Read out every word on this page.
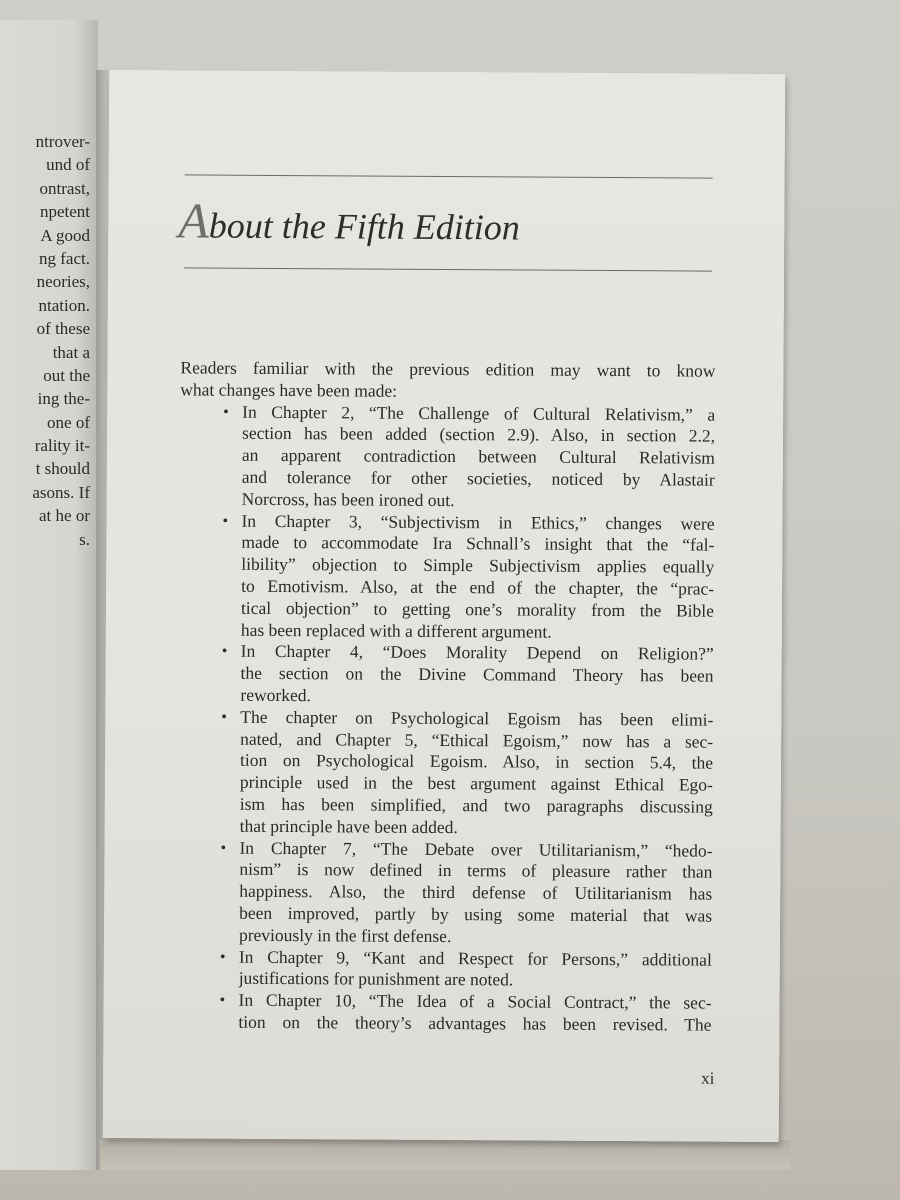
ntrover-
und of
ontrast,
npetent
A good
ng fact.
neories,
ntation.
of these
that a
out the
ing the-
one of
rality it-
t should
asons. If
at he or
s.
About the Fifth Edition
Readers familiar with the previous edition may want to know
what changes have been made:
• In Chapter 2, “The Challenge of Cultural Relativism,” a
section has been added (section 2.9). Also, in section 2.2,
an apparent contradiction between Cultural Relativism
and tolerance for other societies, noticed by Alastair
Norcross, has been ironed out.
• In Chapter 3, “Subjectivism in Ethics,” changes were
made to accommodate Ira Schnall’s insight that the “fal-
libility” objection to Simple Subjectivism applies equally
to Emotivism. Also, at the end of the chapter, the “prac-
tical objection” to getting one’s morality from the Bible
has been replaced with a different argument.
• In Chapter 4, “Does Morality Depend on Religion?”
the section on the Divine Command Theory has been
reworked.
• The chapter on Psychological Egoism has been elimi-
nated, and Chapter 5, “Ethical Egoism,” now has a sec-
tion on Psychological Egoism. Also, in section 5.4, the
principle used in the best argument against Ethical Ego-
ism has been simplified, and two paragraphs discussing
that principle have been added.
• In Chapter 7, “The Debate over Utilitarianism,” “hedo-
nism” is now defined in terms of pleasure rather than
happiness. Also, the third defense of Utilitarianism has
been improved, partly by using some material that was
previously in the first defense.
• In Chapter 9, “Kant and Respect for Persons,” additional
justifications for punishment are noted.
• In Chapter 10, “The Idea of a Social Contract,” the sec-
tion on the theory’s advantages has been revised. The
xi
